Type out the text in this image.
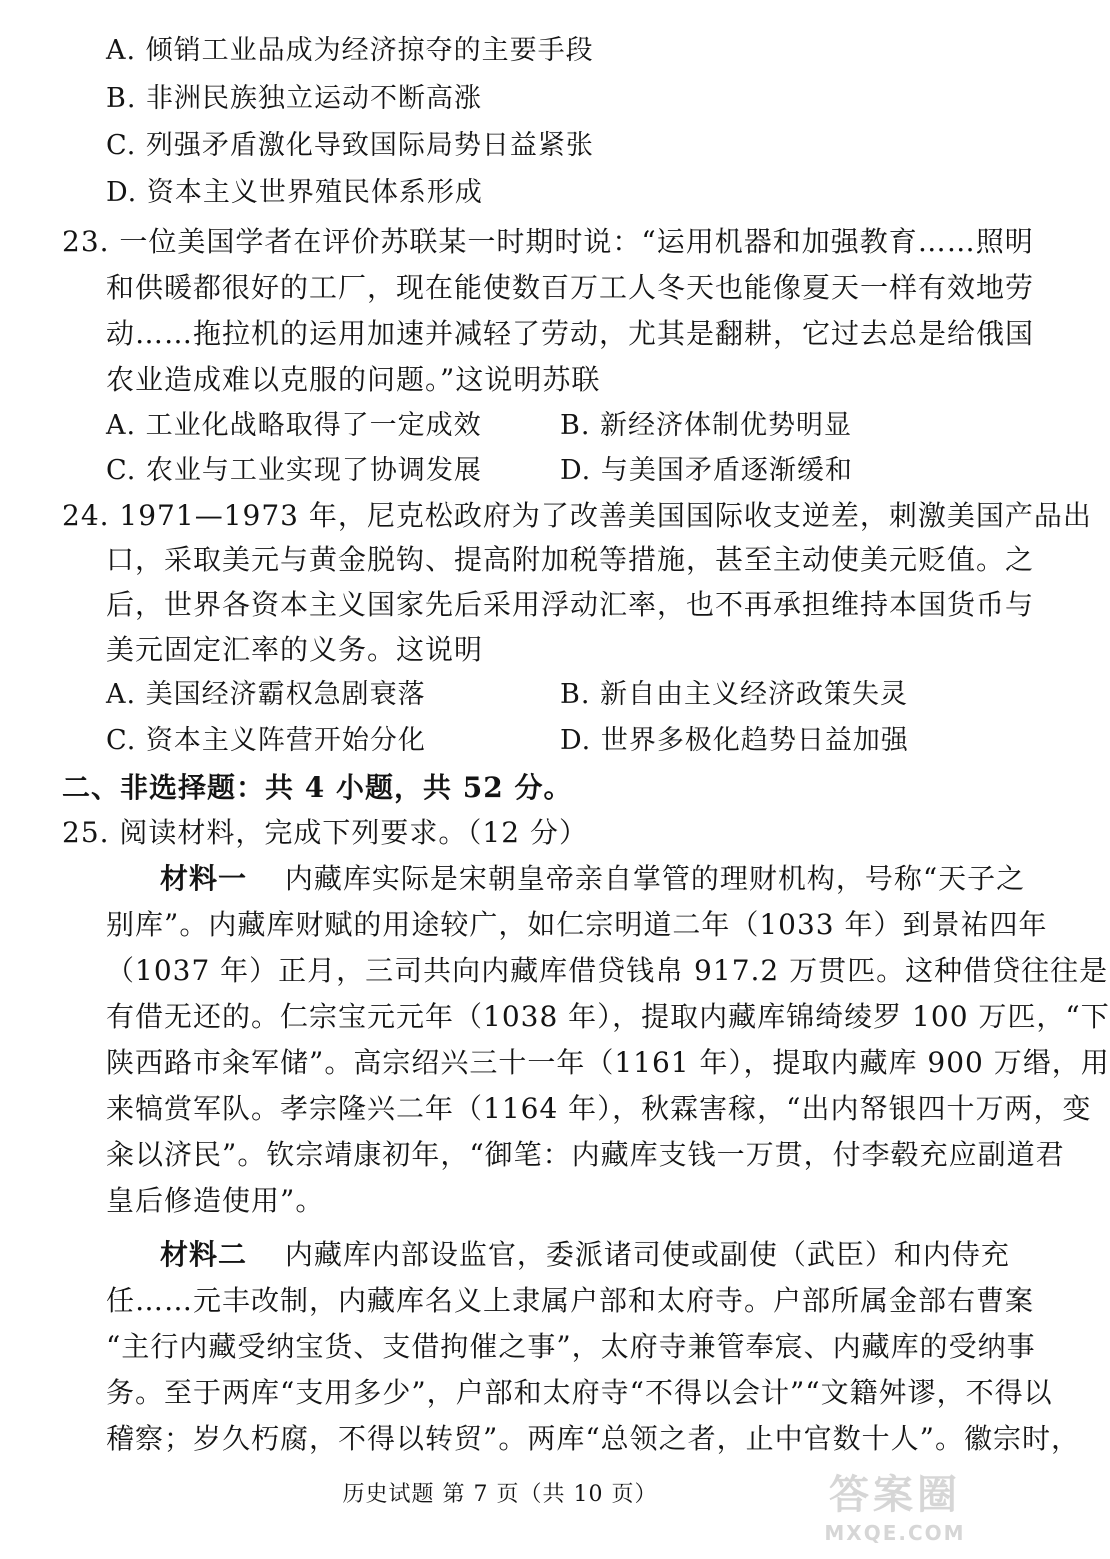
A. 倾销工业品成为经济掠夺的主要手段
B. 非洲民族独立运动不断高涨
C. 列强矛盾激化导致国际局势日益紧张
D. 资本主义世界殖民体系形成
23. 一位美国学者在评价苏联某一时期时说：“运用机器和加强教育……照明
和供暖都很好的工厂，现在能使数百万工人冬天也能像夏天一样有效地劳
动……拖拉机的运用加速并减轻了劳动，尤其是翻耕，它过去总是给俄国
农业造成难以克服的问题。”这说明苏联
A. 工业化战略取得了一定成效	B. 新经济体制优势明显
C. 农业与工业实现了协调发展	D. 与美国矛盾逐渐缓和
24. 1971—1973 年，尼克松政府为了改善美国国际收支逆差，刺激美国产品出
口，采取美元与黄金脱钩、提高附加税等措施，甚至主动使美元贬值。之
后，世界各资本主义国家先后采用浮动汇率，也不再承担维持本国货币与
美元固定汇率的义务。这说明
A. 美国经济霸权急剧衰落	B. 新自由主义经济政策失灵
C. 资本主义阵营开始分化	D. 世界多极化趋势日益加强
二、非选择题：共 4 小题，共 52 分。
25. 阅读材料，完成下列要求。（12 分）
材料一 内藏库实际是宋朝皇帝亲自掌管的理财机构，号称“天子之
别库”。内藏库财赋的用途较广，如仁宗明道二年（1033 年）到景祐四年
（1037 年）正月，三司共向内藏库借贷钱帛 917.2 万贯匹。这种借贷往往是
有借无还的。仁宗宝元元年（1038 年），提取内藏库锦绮绫罗 100 万匹，“下
陕西路市籴军储”。高宗绍兴三十一年（1161 年），提取内藏库 900 万缗，用
来犒赏军队。孝宗隆兴二年（1164 年），秋霖害稼，“出内帑银四十万两，变
籴以济民”。钦宗靖康初年，“御笔：内藏库支钱一万贯，付李毂充应副道君
皇后修造使用”。
材料二 内藏库内部设监官，委派诸司使或副使（武臣）和内侍充
任……元丰改制，内藏库名义上隶属户部和太府寺。户部所属金部右曹案
“主行内藏受纳宝货、支借拘催之事”，太府寺兼管奉宸、内藏库的受纳事
务。至于两库“支用多少”，户部和太府寺“不得以会计”“文籍舛谬，不得以
稽察；岁久朽腐，不得以转贸”。两库“总领之者，止中官数十人”。徽宗时，
历史试题 第 7 页（共 10 页）	答案圈
MXQE.COM
